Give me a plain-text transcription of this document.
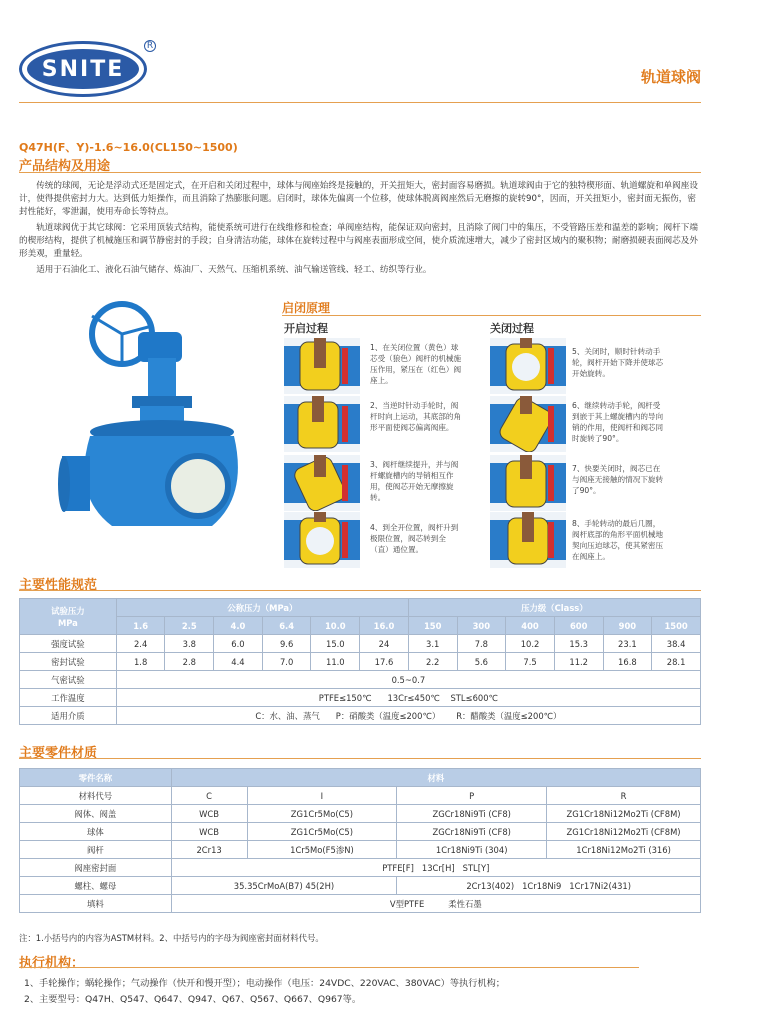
SNITE
R
轨道球阀
Q47H(F、Y)-1.6~16.0(CL150~1500)
产品结构及用途
传统的球阀，无论是浮动式还是固定式，在开启和关闭过程中，球体与阀座始终是接触的，开关扭矩大，密封面容易磨损。轨道球阀由于它的独特楔形面、轨道螺旋和单阀座设计，使得提供密封力大。达到低力矩操作，而且消除了热膨胀问题。启闭时，球体先偏离一个位移，使球体脱离阀座然后无磨擦的旋转90°，因而，开关扭矩小，密封面无振伤，密封性能好，零泄漏，使用寿命长等特点。
轨道球阀优于其它球阀：它采用顶装式结构，能使系统可进行在线维修和检查；单阀座结构，能保证双向密封，且消除了阀门中的集压，不受管路压差和温差的影响；阀杆下端的楔形结构，提供了机械施压和调节静密封的手段；自身清洁功能，球体在旋转过程中与阀座表面形成空间，使介质流速增大，减少了密封区域内的聚积物；耐磨损硬表面阀芯及外形美观，重量轻。
适用于石油化工、液化石油气储存、炼油厂、天然气、压缩机系统、油气输送管线、轻工、纺织等行业。
启闭原理
开启过程	关闭过程
1、在关闭位置（黄色）球芯受（狼色）阀杆的机械施压作用，紧压在（红色）阀座上。
2、当逆时针动手轮时，阀杆时向上运动，其底部的角形平面使阀芯偏离阀座。
3、阀杆继续提升，并与阀杆螺旋槽内的导销相互作用，使阀芯开始无摩擦旋转。
4、到全开位置，阀杆升到极限位置，阀芯转到全（直）通位置。
5、关闭时，顺时针转动手轮，阀杆开始下降并使球芯开始旋转。
6、继续转动手轮，阀杆受到嵌于其上螺旋槽内的导向销的作用，使阀杆和阀芯同时旋转了90°。
7、快要关闭时，阀芯已在与阀座无接触的情况下旋转了90°。
8、手轮转动的最后几圈，阀杆底部的角形平面机械地契向压迫球芯，使其紧密压在阀座上。
主要性能规范
试验压力
MPa	公称压力（MPa）						压力级（Class）					
	1.6	2.5	4.0	6.4	10.0	16.0	150	300	400	600	900	1500
强度试验	2.4	3.8	6.0	9.6	15.0	24	3.1	7.8	10.2	15.3	23.1	38.4
密封试验	1.8	2.8	4.4	7.0	11.0	17.6	2.2	5.6	7.5	11.2	16.8	28.1
气密试验	0.5~0.7											
工作温度	PTFE≤150℃      13Cr≤450℃    STL≤600℃											
适用介质	C：水、油、蒸气      P：硝酸类（温度≤200℃）      R：醋酸类（温度≤200℃）											
主要零件材质
零件名称	材料			
材料代号	C	I	P	R
阀体、阀盖	WCB	ZG1Cr5Mo(C5)	ZGCr18Ni9Ti (CF8)	ZG1Cr18Ni12Mo2Ti (CF8M)
球体	WCB	ZG1Cr5Mo(C5)	ZGCr18Ni9Ti (CF8)	ZG1Cr18Ni12Mo2Ti (CF8M)
阀杆	2Cr13	1Cr5Mo(F5渗N)	1Cr18Ni9Ti (304)	1Cr18Ni12Mo2Ti (316)
阀座密封面	PTFE[F]   13Cr[H]   STL[Y]			
螺柱、螺母	35.35CrMoA(B7) 45(2H)		2Cr13(402)   1Cr18Ni9   1Cr17Ni2(431)	
填料	V型PTFE         柔性石墨			
注：1.小括号内的内容为ASTM材料。2、中括号内的字母为阀座密封面材料代号。
执行机构：
1、手轮操作；蜗轮操作；气动操作（快开和慢开型）；电动操作（电压：24VDC、220VAC、380VAC）等执行机构；
2、主要型号：Q47H、Q547、Q647、Q947、Q67、Q567、Q667、Q967等。
